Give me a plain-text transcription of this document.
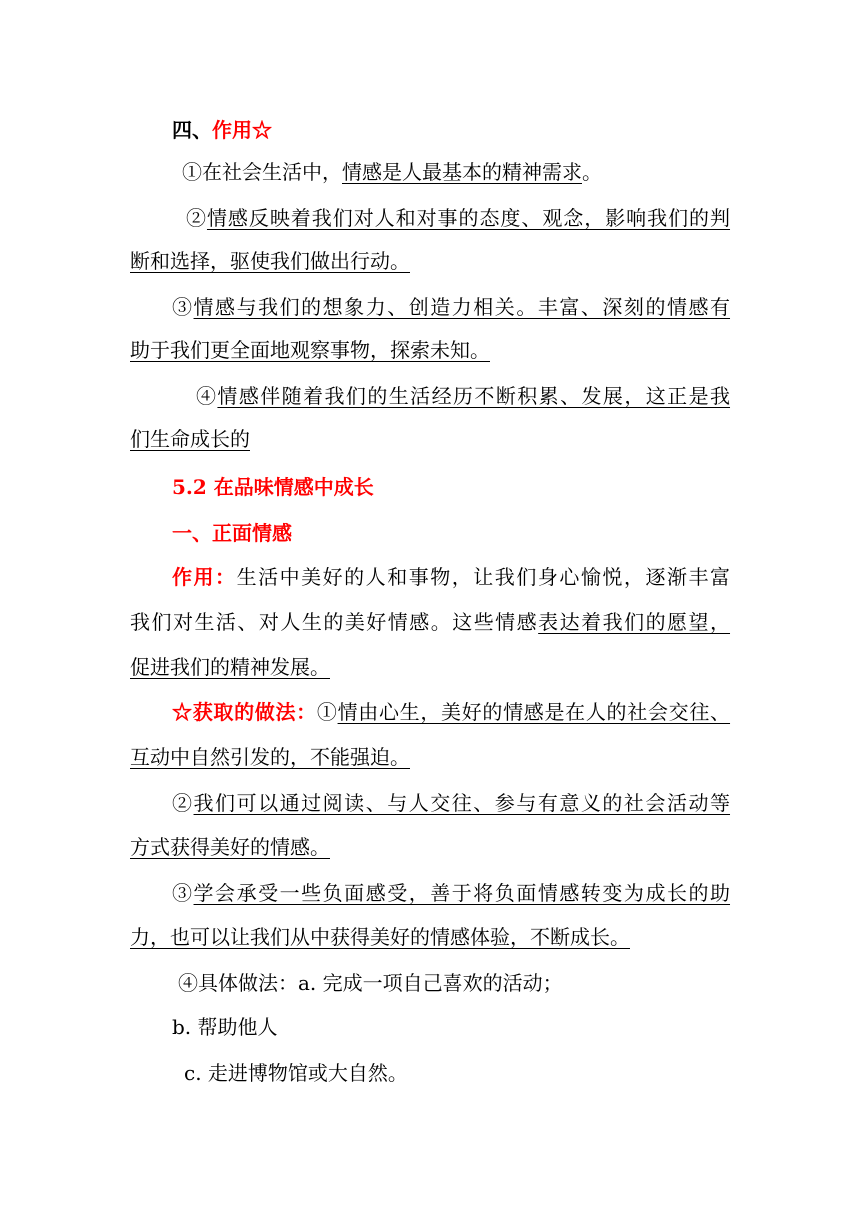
四、作用☆
①在社会生活中，情感是人最基本的精神需求。
②情感反映着我们对人和对事的态度、观念，影响我们的判
断和选择，驱使我们做出行动。
③情感与我们的想象力、创造力相关。丰富、深刻的情感有
助于我们更全面地观察事物，探索未知。
④情感伴随着我们的生活经历不断积累、发展，这正是我
们生命成长的
5.2 在品味情感中成长
一、正面情感
作用：生活中美好的人和事物，让我们身心愉悦，逐渐丰富
我们对生活、对人生的美好情感。这些情感表达着我们的愿望，
促进我们的精神发展。
☆获取的做法：①情由心生，美好的情感是在人的社会交往、
互动中自然引发的，不能强迫。
②我们可以通过阅读、与人交往、参与有意义的社会活动等
方式获得美好的情感。
③学会承受一些负面感受，善于将负面情感转变为成长的助
力，也可以让我们从中获得美好的情感体验，不断成长。
④具体做法：a. 完成一项自己喜欢的活动；
b. 帮助他人
c. 走进博物馆或大自然。
